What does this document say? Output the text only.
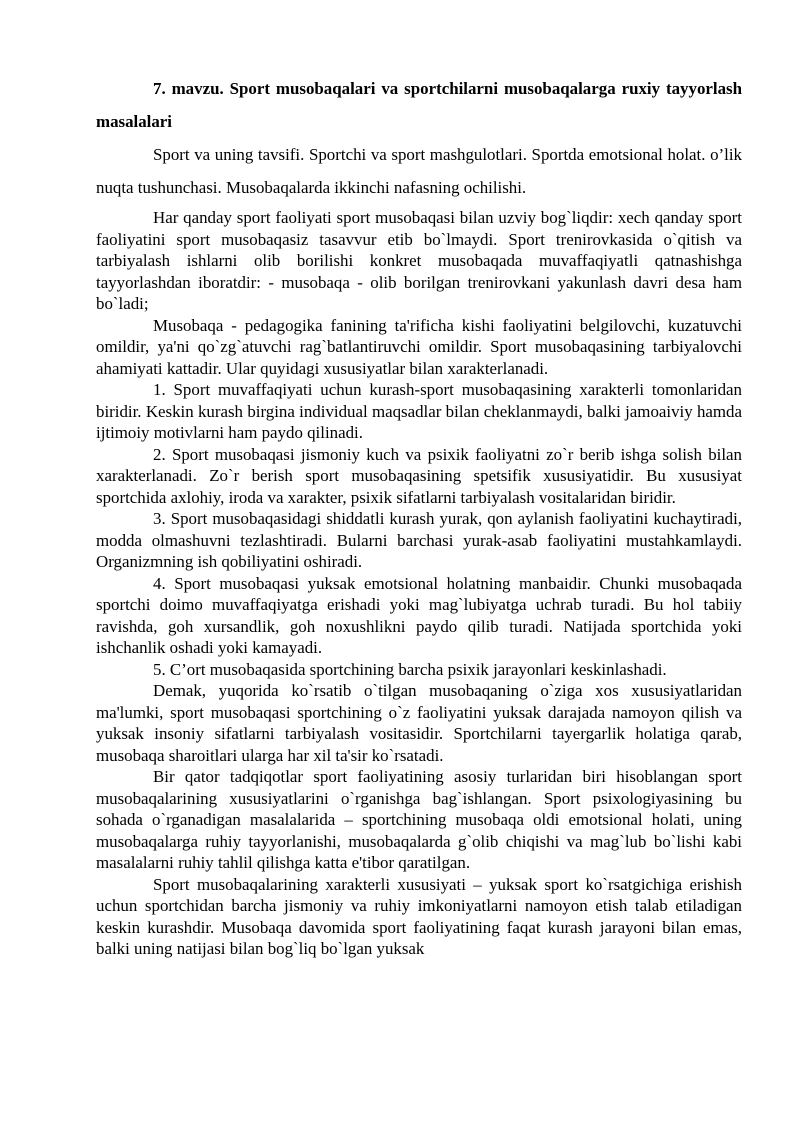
7. mavzu. Sport musobaqalari va sportchilarni musobaqalarga ruxiy tayyorlash masalalari

Sport va uning tavsifi. Sportchi va sport mashgulotlari. Sportda emotsional holat. o’lik nuqta tushunchasi. Musobaqalarda ikkinchi nafasning ochilishi.

Har qanday sport faoliyati sport musobaqasi bilan uzviy bog`liqdir: xech qanday sport faoliyatini sport musobaqasiz tasavvur etib bo`lmaydi. Sport trenirovkasida o`qitish va tarbiyalash ishlarni olib borilishi konkret musobaqada muvaffaqiyatli qatnashishga tayyorlashdan iboratdir: - musobaqa - olib borilgan trenirovkani yakunlash davri desa ham bo`ladi;

Musobaqa - pedagogika fanining ta'rificha kishi faoliyatini belgilovchi, kuzatuvchi omildir, ya'ni qo`zg`atuvchi rag`batlantiruvchi omildir. Sport musobaqasining tarbiyalovchi ahamiyati kattadir. Ular quyidagi xususiyatlar bilan xarakterlanadi.

1. Sport muvaffaqiyati uchun kurash-sport musobaqasining xarakterli tomonlaridan biridir. Keskin kurash birgina individual maqsadlar bilan cheklanmaydi, balki jamoaiviy hamda ijtimoiy motivlarni ham paydo qilinadi.

2. Sport musobaqasi jismoniy kuch va psixik faoliyatni zo`r berib ishga solish bilan xarakterlanadi. Zo`r berish sport musobaqasining spetsifik xususiyatidir. Bu xususiyat sportchida axlohiy, iroda va xarakter, psixik sifatlarni tarbiyalash vositalaridan biridir.

3. Sport musobaqasidagi shiddatli kurash yurak, qon aylanish faoliyatini kuchaytiradi, modda olmashuvni tezlashtiradi. Bularni barchasi yurak-asab faoliyatini mustahkamlaydi. Organizmning ish qobiliyatini oshiradi.

4. Sport musobaqasi yuksak emotsional holatning manbaidir. Chunki musobaqada sportchi doimo muvaffaqiyatga erishadi yoki mag`lubiyatga uchrab turadi. Bu hol tabiiy ravishda, goh xursandlik, goh noxushlikni paydo qilib turadi. Natijada sportchida yoki ishchanlik oshadi yoki kamayadi.

5. C’ort musobaqasida sportchining barcha psixik jarayonlari keskinlashadi.

Demak, yuqorida ko`rsatib o`tilgan musobaqaning o`ziga xos xususiyatlaridan ma'lumki, sport musobaqasi sportchining o`z faoliyatini yuksak darajada namoyon qilish va yuksak insoniy sifatlarni tarbiyalash vositasidir. Sportchilarni tayergarlik holatiga qarab, musobaqa sharoitlari ularga har xil ta'sir ko`rsatadi.

Bir qator tadqiqotlar sport faoliyatining asosiy turlaridan biri hisoblangan sport musobaqalarining xususiyatlarini o`rganishga bag`ishlangan. Sport psixologiyasining bu sohada o`rganadigan masalalarida – sportchining musobaqa oldi emotsional holati, uning musobaqalarga ruhiy tayyorlanishi, musobaqalarda g`olib chiqishi va mag`lub bo`lishi kabi masalalarni ruhiy tahlil qilishga katta e'tibor qaratilgan.

Sport musobaqalarining xarakterli xususiyati – yuksak sport ko`rsatgichiga erishish uchun sportchidan barcha jismoniy va ruhiy imkoniyatlarni namoyon etish talab etiladigan keskin kurashdir. Musobaqa davomida sport faoliyatining faqat kurash jarayoni bilan emas, balki uning natijasi bilan bog`liq bo`lgan yuksak
